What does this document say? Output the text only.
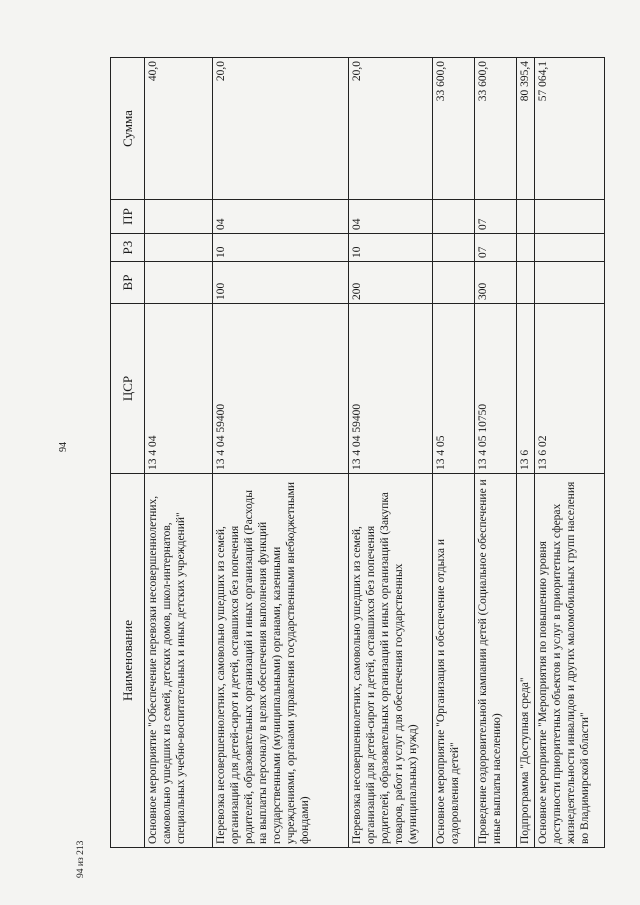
94
Наименование	ЦСР	ВР	РЗ	ПР	Сумма
Основное мероприятие "Обеспечение перевозки несовершеннолетних, самовольно ушедших из семей, детских домов, школ-интернатов, специальных учебно-воспитательных и иных детских учреждений"	13 4 04				40,0
Перевозка несовершеннолетних, самовольно ушедших из семей, организаций для детей-сирот и детей, оставшихся без попечения родителей, образовательных организаций и иных организаций (Расходы на выплаты персоналу в целях обеспечения выполнения функций государственными (муниципальными) органами, казенными учреждениями, органами управления государственными внебюджетными фондами)	13 4 04 59400	100	10	04	20,0
Перевозка несовершеннолетних, самовольно ушедших из семей, организаций для детей-сирот и детей, оставшихся без попечения родителей, образовательных организаций и иных организаций (Закупка товаров, работ и услуг для обеспечения государственных (муниципальных) нужд)	13 4 04 59400	200	10	04	20,0
Основное мероприятие "Организация и обеспечение отдыха и оздоровления детей"	13 4 05				33 600,0
Проведение оздоровительной кампании детей (Социальное обеспечение и иные выплаты населению)	13 4 05 10750	300	07	07	33 600,0
Подпрограмма "Доступная среда"	13 6				80 395,4
Основное мероприятие "Мероприятия по повышению уровня доступности приоритетных объектов и услуг в приоритетных сферах жизнедеятельности инвалидов и других маломобильных групп населения во Владимирской области"	13 6 02				57 064,1
94 из 213
